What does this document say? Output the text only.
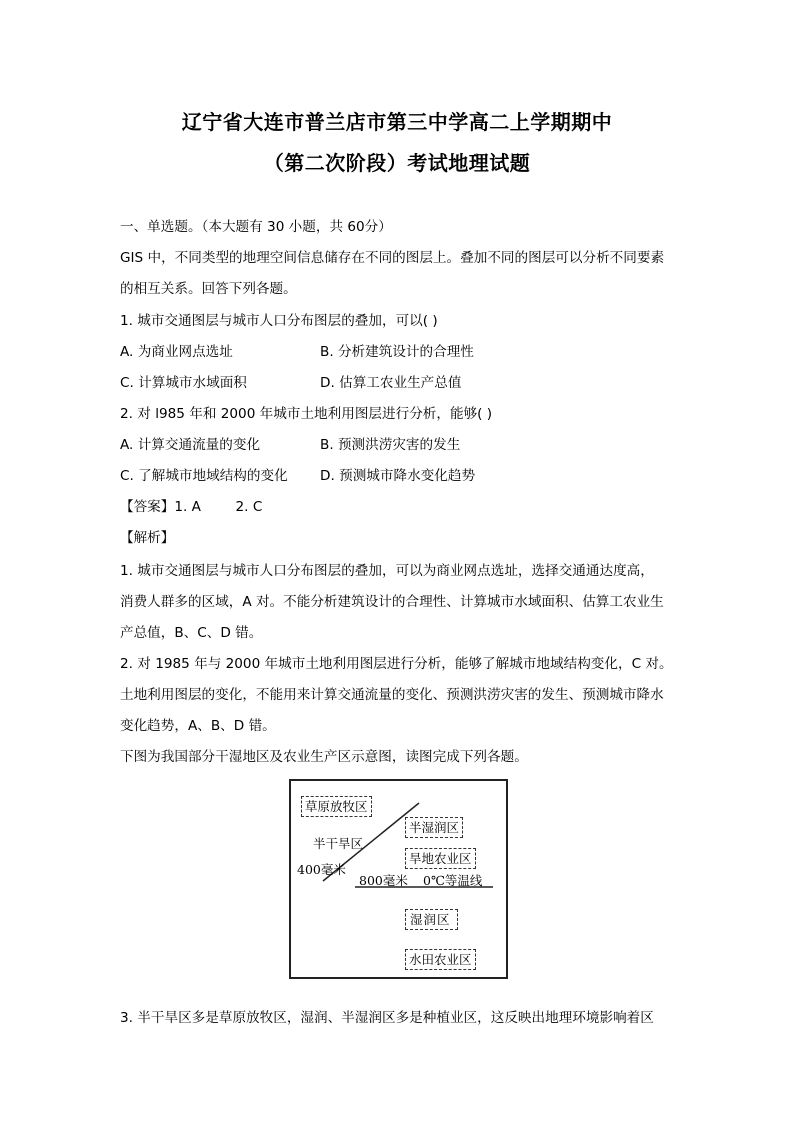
辽宁省大连市普兰店市第三中学高二上学期期中
（第二次阶段）考试地理试题
一、单选题。（本大题有 30 小题，共 60分）
GIS 中，不同类型的地理空间信息储存在不同的图层上。叠加不同的图层可以分析不同要素
的相互关系。回答下列各题。
1. 城市交通图层与城市人口分布图层的叠加，可以( )
A. 为商业网点选址	B. 分析建筑设计的合理性
C. 计算城市水域面积	D. 估算工农业生产总值
2. 对 l985 年和 2000 年城市土地利用图层进行分析，能够( )
A. 计算交通流量的变化	B. 预测洪涝灾害的发生
C. 了解城市地域结构的变化 D. 预测城市降水变化趋势
【答案】1. A        2. C
【解析】
1. 城市交通图层与城市人口分布图层的叠加，可以为商业网点选址，选择交通通达度高，
消费人群多的区域，A 对。不能分析建筑设计的合理性、计算城市水域面积、估算工农业生
产总值，B、C、D 错。
2. 对 1985 年与 2000 年城市土地利用图层进行分析，能够了解城市地域结构变化，C 对。
土地利用图层的变化，不能用来计算交通流量的变化、预测洪涝灾害的发生、预测城市降水
变化趋势，A、B、D 错。
下图为我国部分干湿地区及农业生产区示意图，读图完成下列各题。
草原放牧区
半干旱区
400毫米
半湿润区
旱地农业区
800毫米 0℃等温线
湿润区
水田农业区
3. 半干旱区多是草原放牧区，湿润、半湿润区多是种植业区，这反映出地理环境影响着区
